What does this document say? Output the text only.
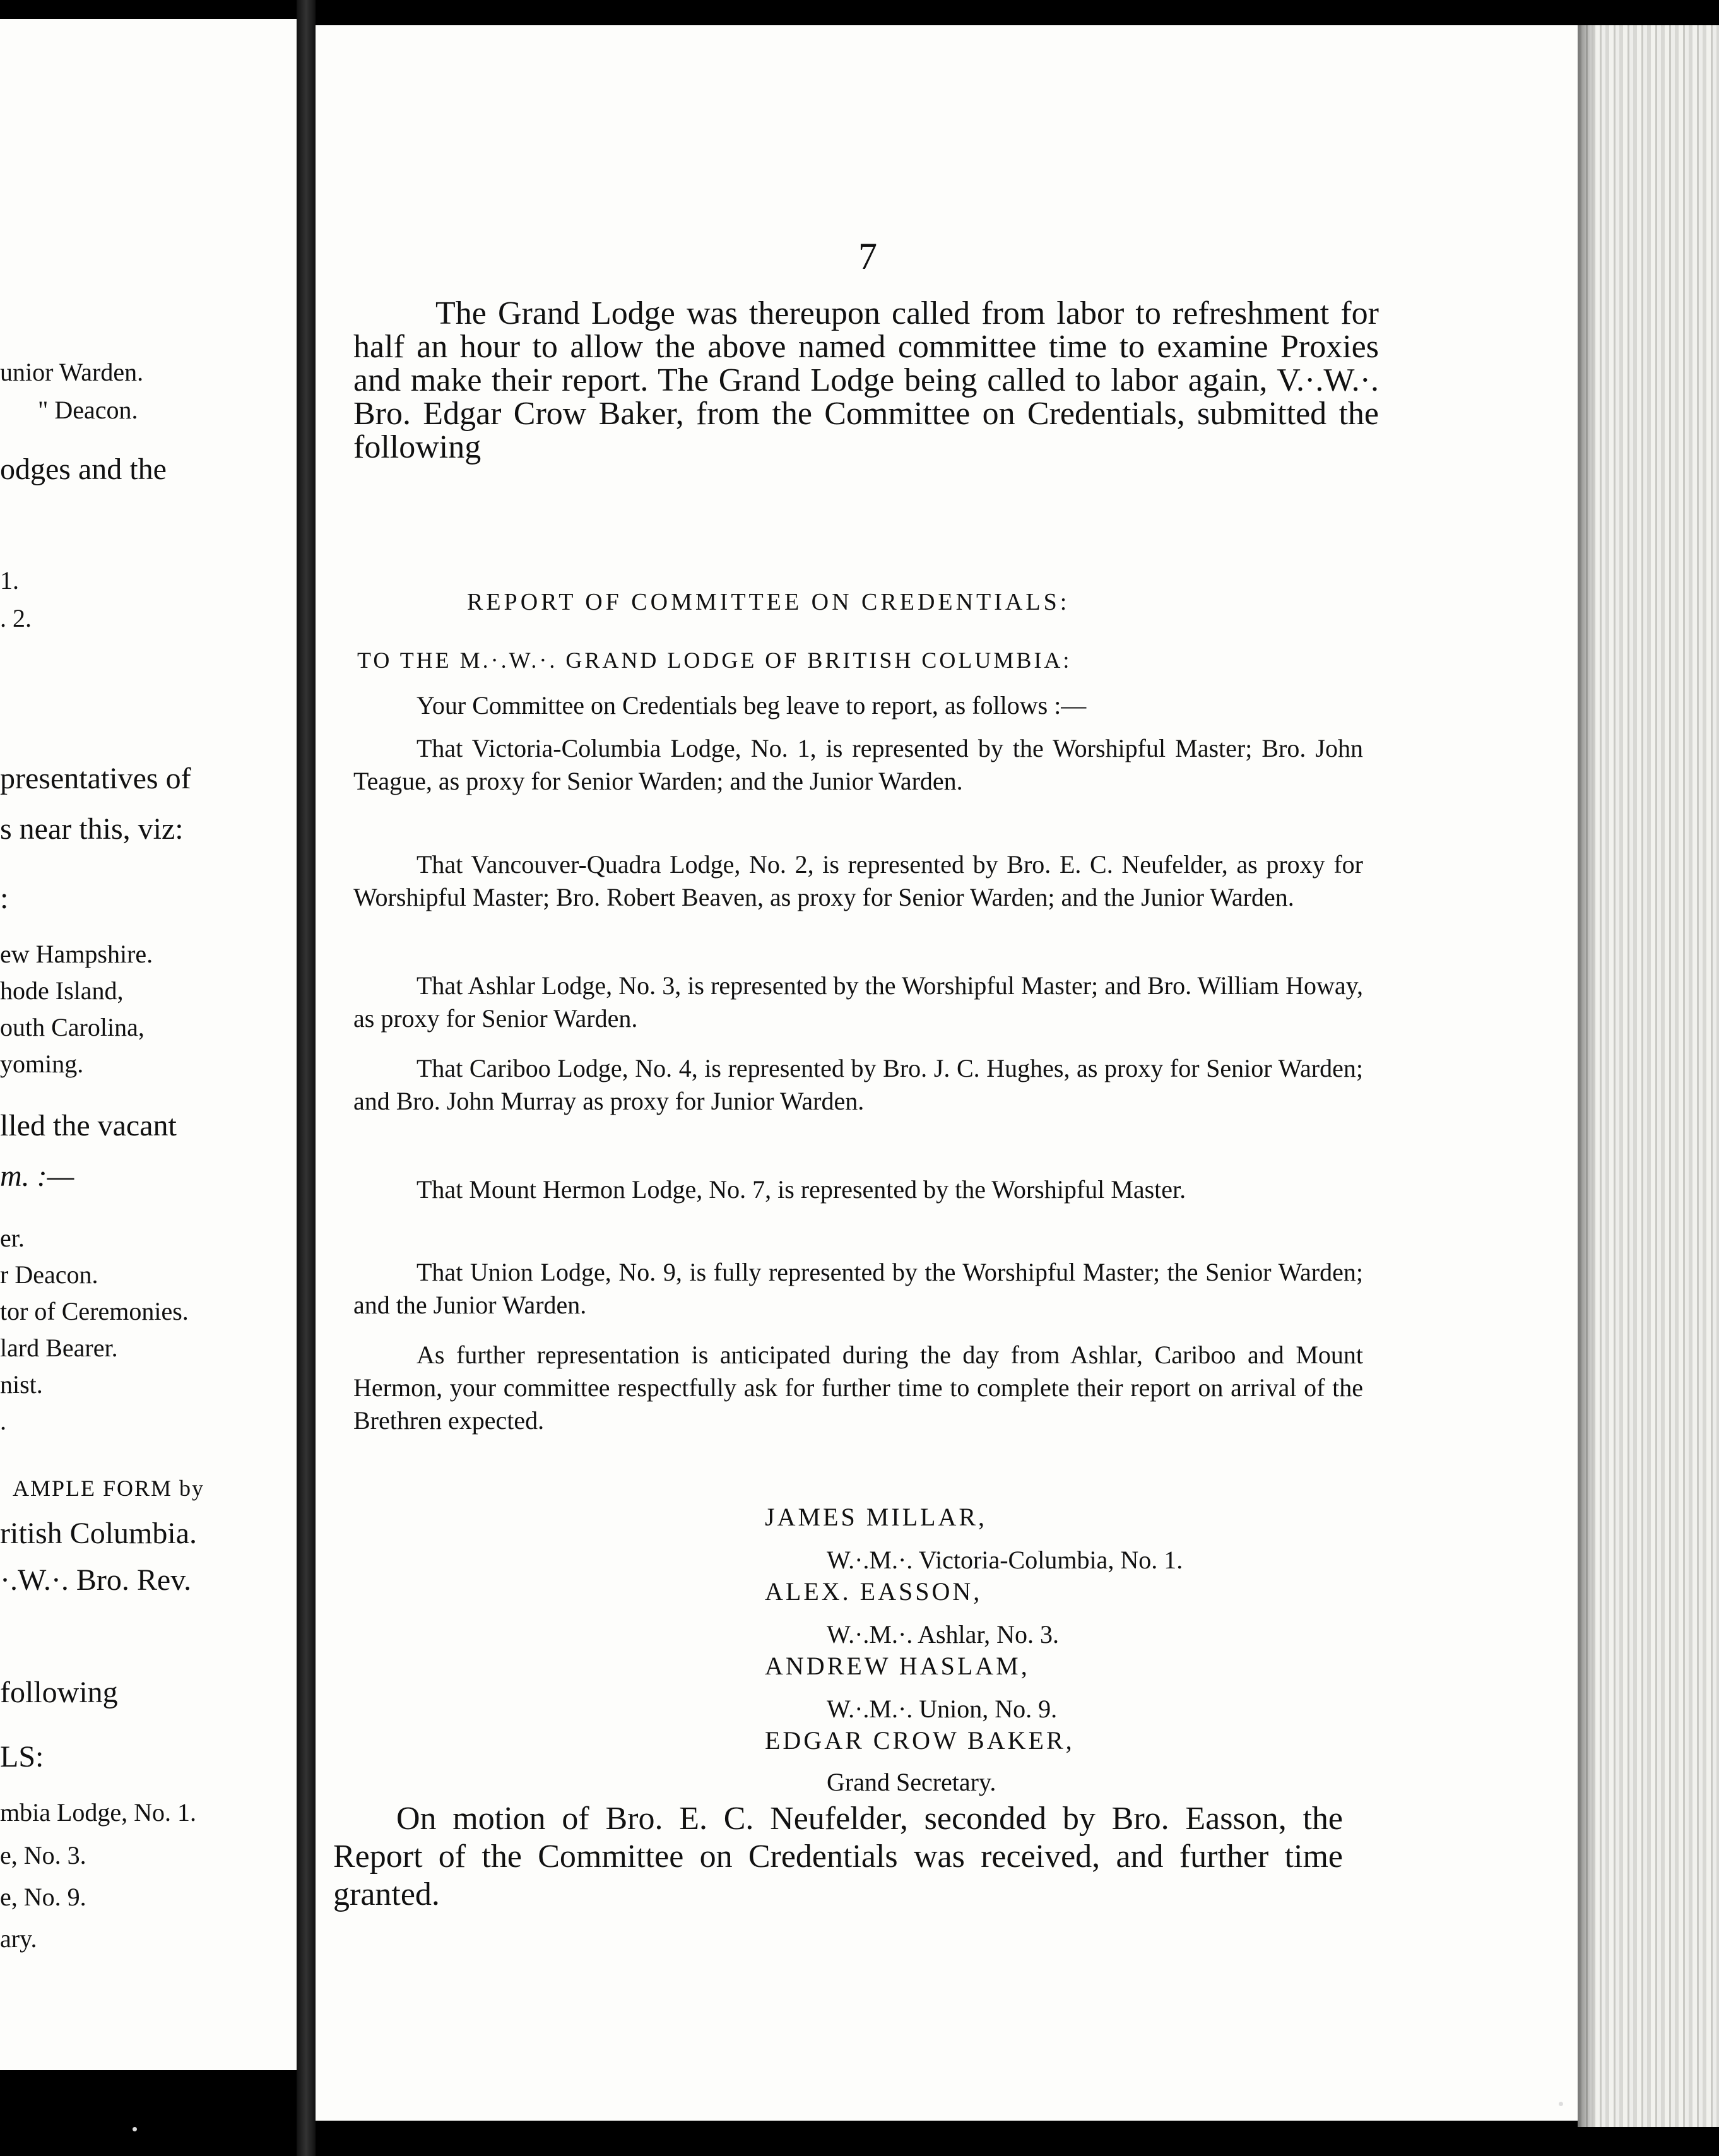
unior Warden.
" Deacon.
odges and the
1.
. 2.
presentatives of
s near this, viz:
:
ew Hampshire.
hode Island,
outh Carolina,
yoming.
lled the vacant
m. :—
er.
r Deacon.
tor of Ceremonies.
lard Bearer.
nist.
.
AMPLE FORM by
ritish Columbia.
·.W.·. Bro. Rev.
following
LS:
mbia Lodge, No. 1.
e, No. 3.
e, No. 9.
ary.
7

The Grand Lodge was thereupon called from labor to refreshment for half an hour to allow the above named committee time to examine Proxies and make their report. The Grand Lodge being called to labor again, V.·.W.·. Bro. Edgar Crow Baker, from the Committee on Credentials, submitted the following

REPORT OF COMMITTEE ON CREDENTIALS:
TO THE M.·.W.·. GRAND LODGE OF BRITISH COLUMBIA:

Your Committee on Credentials beg leave to report, as follows :—

That Victoria-Columbia Lodge, No. 1, is represented by the Worshipful Master; Bro. John Teague, as proxy for Senior Warden; and the Junior Warden.

That Vancouver-Quadra Lodge, No. 2, is represented by Bro. E. C. Neufelder, as proxy for Worshipful Master; Bro. Robert Beaven, as proxy for Senior Warden; and the Junior Warden.

That Ashlar Lodge, No. 3, is represented by the Worshipful Master; and Bro. William Howay, as proxy for Senior Warden.

That Cariboo Lodge, No. 4, is represented by Bro. J. C. Hughes, as proxy for Senior Warden; and Bro. John Murray as proxy for Junior Warden.

That Mount Hermon Lodge, No. 7, is represented by the Worshipful Master.

That Union Lodge, No. 9, is fully represented by the Worshipful Master; the Senior Warden; and the Junior Warden.

As further representation is anticipated during the day from Ashlar, Cariboo and Mount Hermon, your committee respectfully ask for further time to complete their report on arrival of the Brethren expected.

JAMES MILLAR,
W.·.M.·. Victoria-Columbia, No. 1.
ALEX. EASSON,
W.·.M.·. Ashlar, No. 3.
ANDREW HASLAM,
W.·.M.·. Union, No. 9.
EDGAR CROW BAKER,
Grand Secretary.

On motion of Bro. E. C. Neufelder, seconded by Bro. Easson, the Report of the Committee on Credentials was received, and further time granted.
